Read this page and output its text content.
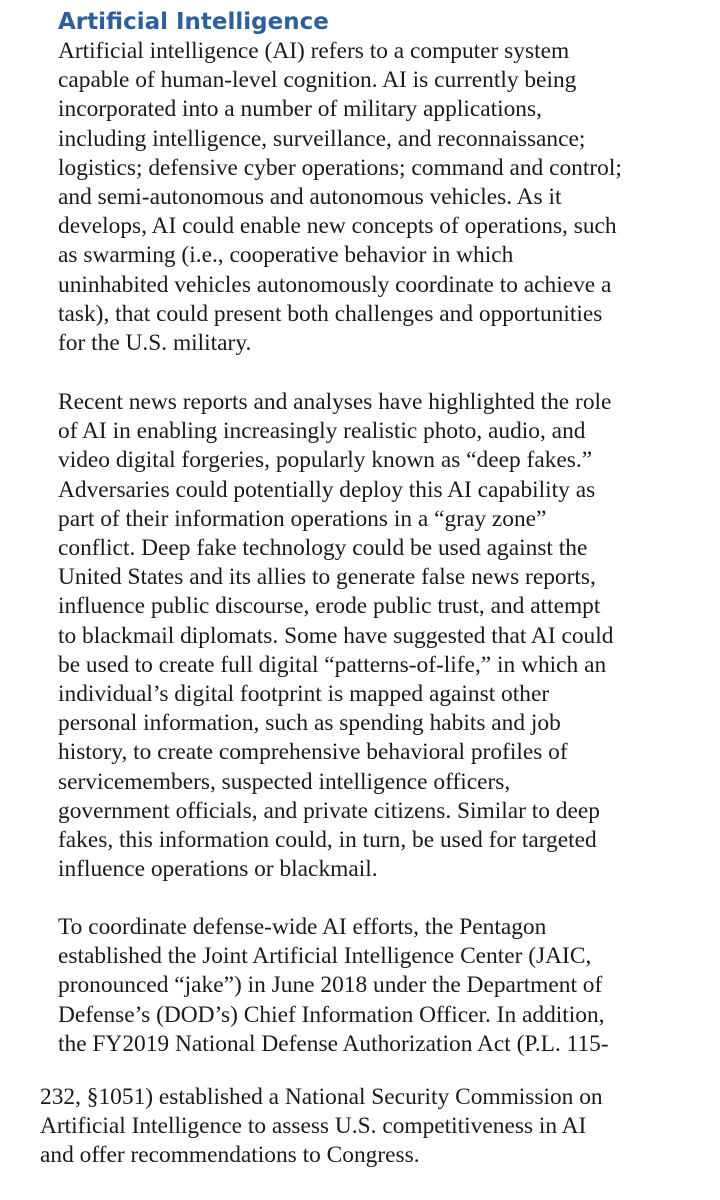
Artificial Intelligence

Artificial intelligence (AI) refers to a computer system
capable of human-level cognition. AI is currently being
incorporated into a number of military applications,
including intelligence, surveillance, and reconnaissance;
logistics; defensive cyber operations; command and control;
and semi-autonomous and autonomous vehicles. As it
develops, AI could enable new concepts of operations, such
as swarming (i.e., cooperative behavior in which
uninhabited vehicles autonomously coordinate to achieve a
task), that could present both challenges and opportunities
for the U.S. military.

Recent news reports and analyses have highlighted the role
of AI in enabling increasingly realistic photo, audio, and
video digital forgeries, popularly known as “deep fakes.”
Adversaries could potentially deploy this AI capability as
part of their information operations in a “gray zone”
conflict. Deep fake technology could be used against the
United States and its allies to generate false news reports,
influence public discourse, erode public trust, and attempt
to blackmail diplomats. Some have suggested that AI could
be used to create full digital “patterns-of-life,” in which an
individual’s digital footprint is mapped against other
personal information, such as spending habits and job
history, to create comprehensive behavioral profiles of
servicemembers, suspected intelligence officers,
government officials, and private citizens. Similar to deep
fakes, this information could, in turn, be used for targeted
influence operations or blackmail.

To coordinate defense-wide AI efforts, the Pentagon
established the Joint Artificial Intelligence Center (JAIC,
pronounced “jake”) in June 2018 under the Department of
Defense’s (DOD’s) Chief Information Officer. In addition,
the FY2019 National Defense Authorization Act (P.L. 115-

232, §1051) established a National Security Commission on
Artificial Intelligence to assess U.S. competitiveness in AI
and offer recommendations to Congress.
